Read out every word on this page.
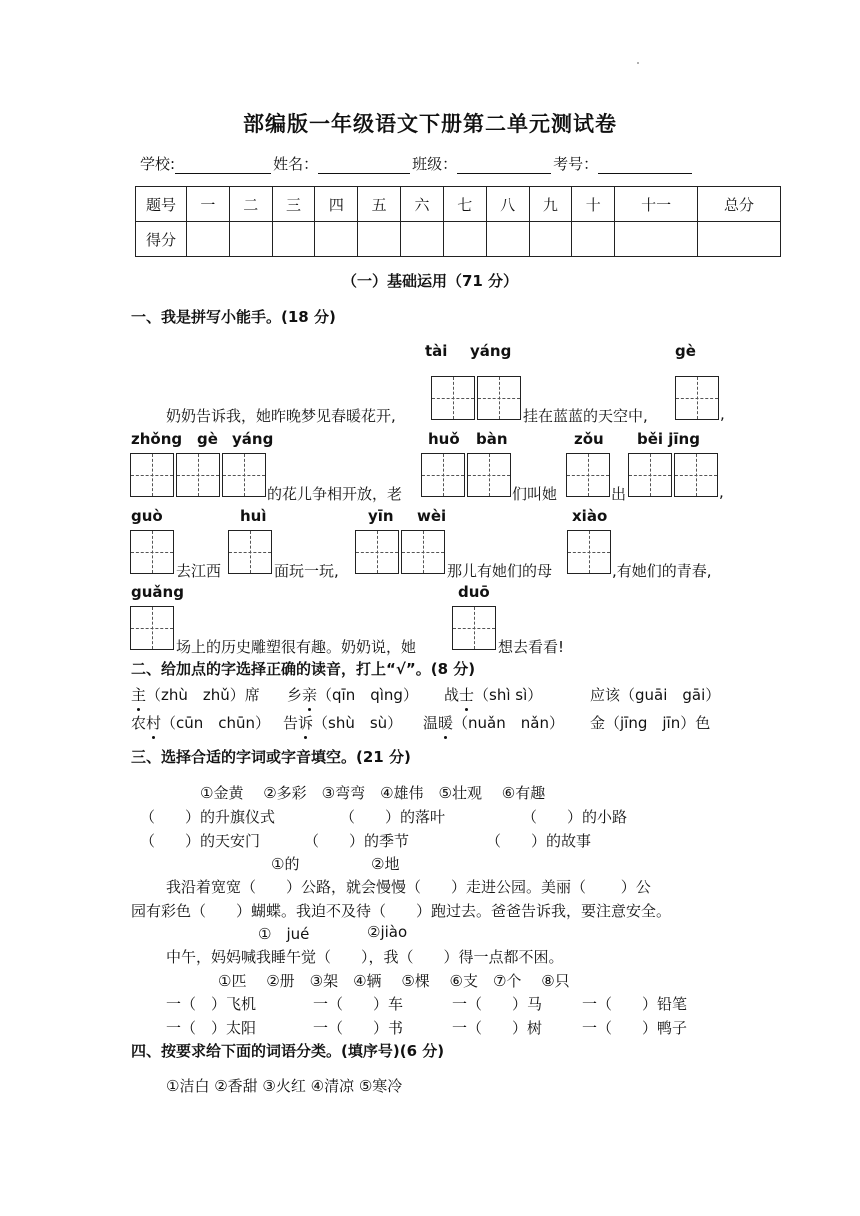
部编版一年级语文下册第二单元测试卷
学校:	姓名：	班级：	考号：
题号	一	二	三	四	五	六	七	八	九	十	十一	总分
得分												
（一）基础运用（71 分）
一、我是拼写小能手。(18 分)
tài yáng	gè
奶奶告诉我，她昨晚梦见春暖花开,	挂在蓝蓝的天空中,	,
zhǒng gè yáng	huǒ bàn	zǒu běi jīng
的花儿争相开放，老	们叫她	出	,
guò	huì	yīn wèi	xiào
去江西	面玩一玩,	那儿有她们的母	,有她们的青春,
guǎng	duō
场上的历史雕塑很有趣。奶奶说，她	想去看看!
二、给加点的字选择正确的读音，打上“√”。(8 分)
主（zhù　zhǔ）席 乡亲（qīn　qìng） 战士（shì sì）	应该（guāi　gāi）
农村（cūn　chūn） 告诉（shù　sù） 温暖（nuǎn　nǎn） 金（jīng　jīn）色
三、选择合适的字词或字音填空。(21 分)
①金黄　 ②多彩　③弯弯　④雄伟　⑤壮观　 ⑥有趣
（　　）的升旗仪式	（　　）的落叶	（　　）的小路
（　　）的天安门	（　　）的季节	（　　）的故事
①的	②地
我沿着宽宽（　　）公路，就会慢慢（　　）走进公园。美丽（　　 ）公
园有彩色（　　）蝴蝶。我迫不及待（　　）跑过去。爸爸告诉我，要注意安全。
①　jué	②jiào
中午，妈妈喊我睡午觉（　　），我（　　）得一点都不困。
①匹　 ②册　③架　④辆　 ⑤棵　 ⑥支　⑦个　 ⑧只
一（　）飞机	一（　　）车	一（　　）马	一（　　）铅笔
一（　）太阳	一（　　）书	一（　　）树	一（　　）鸭子
四、按要求给下面的词语分类。(填序号)(6 分)
①洁白 ②香甜 ③火红 ④清凉 ⑤寒冷
